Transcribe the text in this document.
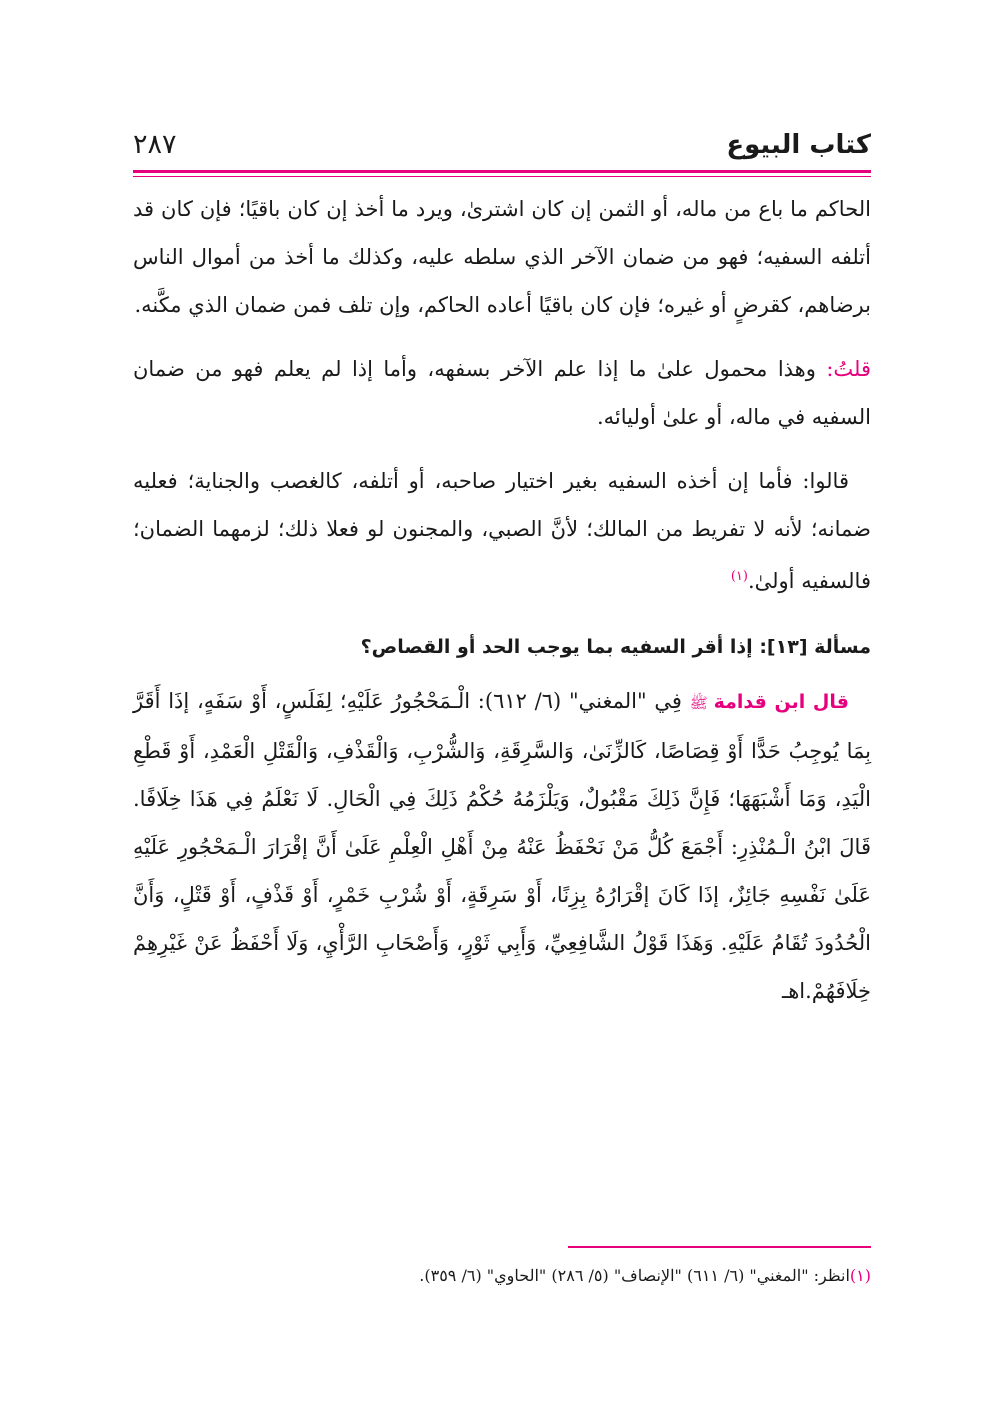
كتاب البيوع
٢٨٧

الحاكم ما باع من ماله، أو الثمن إن كان اشترىٰ، ويرد ما أخذ إن كان باقيًا؛ فإن كان قد أتلفه السفيه؛ فهو من ضمان الآخر الذي سلطه عليه، وكذلك ما أخذ من أموال الناس برضاهم، كقرضٍ أو غيره؛ فإن كان باقيًا أعاده الحاكم، وإن تلف فمن ضمان الذي مكَّنه.

قلتُ: وهذا محمول علىٰ ما إذا علم الآخر بسفهه، وأما إذا لم يعلم فهو من ضمان السفيه في ماله، أو علىٰ أوليائه.

قالوا: فأما إن أخذه السفيه بغير اختيار صاحبه، أو أتلفه، كالغصب والجناية؛ فعليه ضمانه؛ لأنه لا تفريط من المالك؛ لأنَّ الصبي، والمجنون لو فعلا ذلك؛ لزمهما الضمان؛ فالسفيه أولىٰ.$^{(١)}$

مسألة [١٣]: إذا أقر السفيه بما يوجب الحد أو القصاص؟

قال ابن قدامة ﷺ فِي "المغني" (٦/ ٦١٢): الْـمَحْجُورُ عَلَيْهِ؛ لِفَلَسٍ، أَوْ سَفَهٍ، إذَا أَقَرَّ بِمَا يُوجِبُ حَدًّا أَوْ قِصَاصًا، كَالزِّنَىٰ، وَالسَّرِقَةِ، وَالشُّرْبِ، وَالْقَذْفِ، وَالْقَتْلِ الْعَمْدِ، أَوْ قَطْعِ الْيَدِ، وَمَا أَشْبَهَهَا؛ فَإِنَّ ذَلِكَ مَقْبُولٌ، وَيَلْزَمُهُ حُكْمُ ذَلِكَ فِي الْحَالِ. لَا نَعْلَمُ فِي هَذَا خِلَافًا. قَالَ ابْنُ الْـمُنْذِرِ: أَجْمَعَ كُلُّ مَنْ نَحْفَظُ عَنْهُ مِنْ أَهْلِ الْعِلْمِ عَلَىٰ أَنَّ إقْرَارَ الْـمَحْجُورِ عَلَيْهِ عَلَىٰ نَفْسِهِ جَائِزٌ، إذَا كَانَ إقْرَارُهُ بِزِنًا، أَوْ سَرِقَةٍ، أَوْ شُرْبِ خَمْرٍ، أَوْ قَذْفٍ، أَوْ قَتْلٍ، وَأَنَّ الْحُدُودَ تُقَامُ عَلَيْهِ. وَهَذَا قَوْلُ الشَّافِعِيِّ، وَأَبِي ثَوْرٍ، وَأَصْحَابِ الرَّأْيِ، وَلَا أَحْفَظُ عَنْ غَيْرِهِمْ خِلَافَهُمْ.اهـ

(١)انظر: "المغني" (٦/ ٦١١) "الإنصاف" (٥/ ٢٨٦) "الحاوي" (٦/ ٣٥٩).
